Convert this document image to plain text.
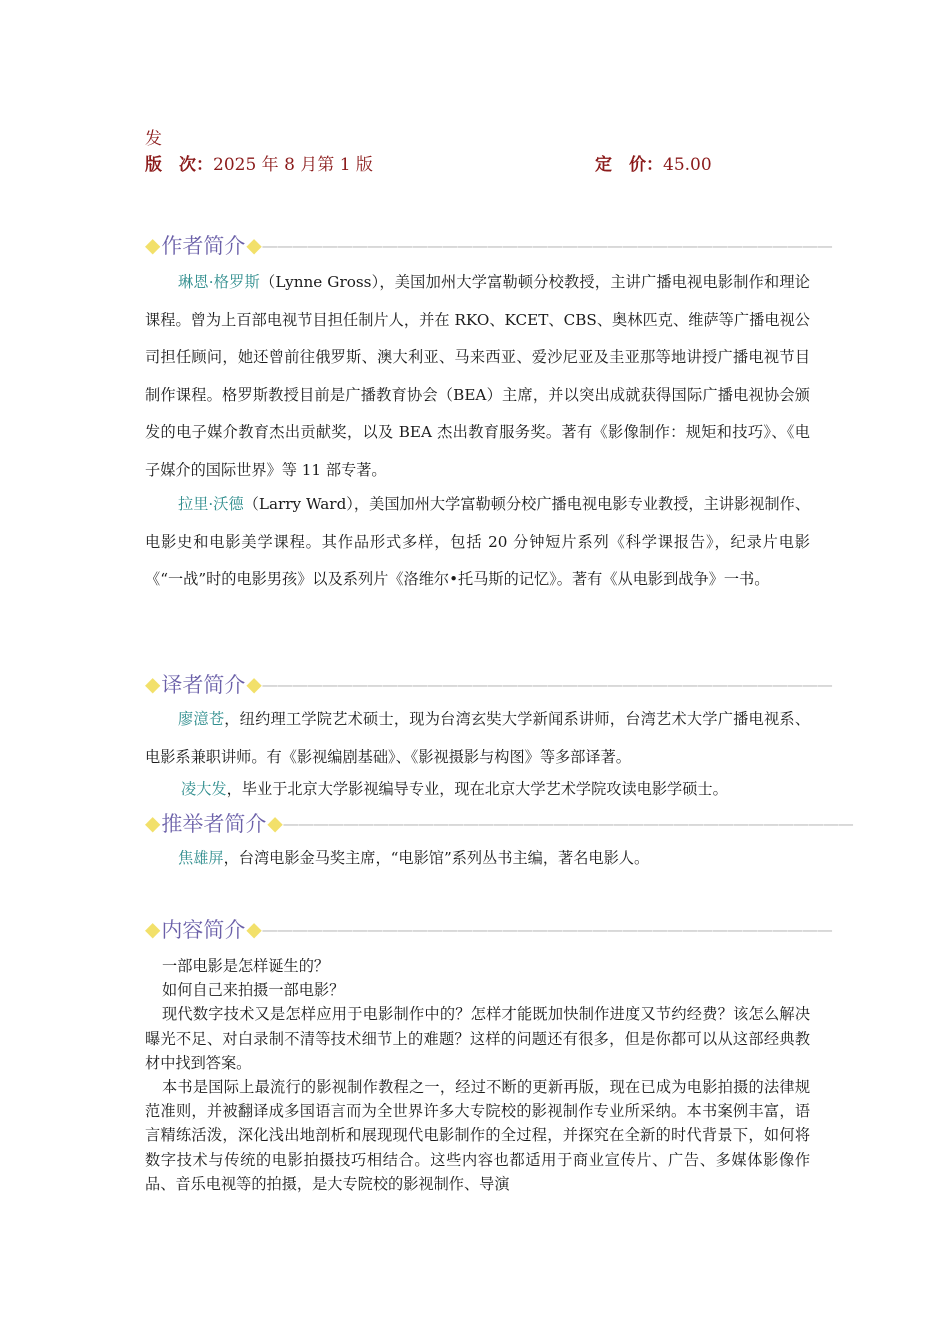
发
版　次：2025 年 8 月第 1 版	定　价：45.00
◆ 作者简介 ◆ ——————————————————————————————————————
琳恩·格罗斯（Lynne Gross），美国加州大学富勒顿分校教授，主讲广播电视电影制作和理论课程。曾为上百部电视节目担任制片人，并在 RKO、KCET、CBS、奥林匹克、维萨等广播电视公司担任顾问，她还曾前往俄罗斯、澳大利亚、马来西亚、爱沙尼亚及圭亚那等地讲授广播电视节目制作课程。格罗斯教授目前是广播教育协会（BEA）主席，并以突出成就获得国际广播电视协会颁发的电子媒介教育杰出贡献奖，以及 BEA 杰出教育服务奖。著有《影像制作：规矩和技巧》、《电子媒介的国际世界》等 11 部专著。
拉里·沃德（Larry Ward），美国加州大学富勒顿分校广播电视电影专业教授，主讲影视制作、电影史和电影美学课程。其作品形式多样，包括 20 分钟短片系列《科学课报告》，纪录片电影《“一战”时的电影男孩》以及系列片《洛维尔•托马斯的记忆》。著有《从电影到战争》一书。
◆ 译者简介 ◆ ——————————————————————————————————————
廖澺苍，纽约理工学院艺术硕士，现为台湾玄奘大学新闻系讲师，台湾艺术大学广播电视系、电影系兼职讲师。有《影视编剧基础》、《影视摄影与构图》等多部译著。
凌大发，毕业于北京大学影视编导专业，现在北京大学艺术学院攻读电影学硕士。
◆ 推举者简介 ◆ ——————————————————————————————————————
焦雄屏，台湾电影金马奖主席，“电影馆”系列丛书主编，著名电影人。
◆ 内容简介 ◆ ——————————————————————————————————————

一部电影是怎样诞生的？

如何自己来拍摄一部电影？

现代数字技术又是怎样应用于电影制作中的？怎样才能既加快制作进度又节约经费？该怎么解决曝光不足、对白录制不清等技术细节上的难题？这样的问题还有很多，但是你都可以从这部经典教材中找到答案。

本书是国际上最流行的影视制作教程之一，经过不断的更新再版，现在已成为电影拍摄的法律规范准则，并被翻译成多国语言而为全世界许多大专院校的影视制作专业所采纳。本书案例丰富，语言精练活泼，深化浅出地剖析和展现现代电影制作的全过程，并探究在全新的时代背景下，如何将数字技术与传统的电影拍摄技巧相结合。这些内容也都适用于商业宣传片、广告、多媒体影像作品、音乐电视等的拍摄，是大专院校的影视制作、导演
